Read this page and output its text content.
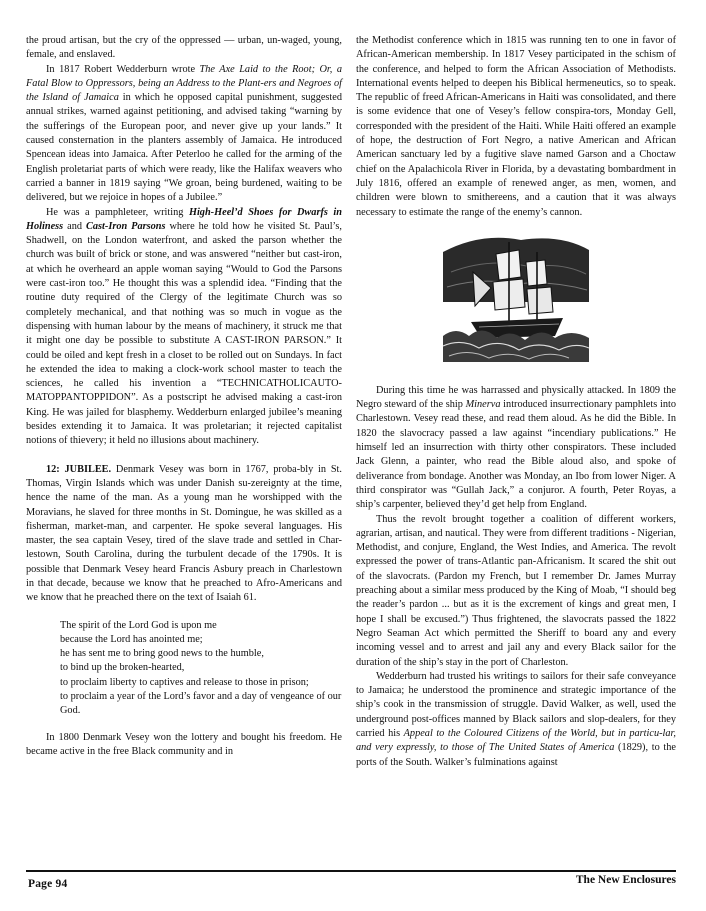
the proud artisan, but the cry of the oppressed — urban, un-waged, young, female, and enslaved.

In 1817 Robert Wedderburn wrote The Axe Laid to the Root; Or, a Fatal Blow to Oppressors, being an Address to the Plant-ers and Negroes of the Island of Jamaica in which he opposed capital punishment, suggested annual strikes, warned against petitioning, and advised taking “warning by the sufferings of the European poor, and never give up your lands.” It caused consternation in the planters assembly of Jamaica. He introduced Spencean ideas into Jamaica. After Peterloo he called for the arming of the English proletariat parts of which were ready, like the Halifax weavers who carried a banner in 1819 saying “We groan, being burdened, waiting to be delivered, but we rejoice in hopes of a Jubilee.”

He was a pamphleteer, writing High-Heel’d Shoes for Dwarfs in Holiness and Cast-Iron Parsons where he told how he visited St. Paul’s, Shadwell, on the London waterfront, and asked the parson whether the church was built of brick or stone, and was answered “neither but cast-iron, at which he overheard an apple woman saying “Would to God the Parsons were cast-iron too.” He thought this was a splendid idea. “Finding that the routine duty required of the Clergy of the legitimate Church was so completely mechanical, and that nothing was so much in vogue as the dispensing with human labour by the means of machinery, it struck me that it might one day be possible to substitute A CAST-IRON PARSON.” It could be oiled and kept fresh in a closet to be rolled out on Sundays. In fact he extended the idea to making a clock-work school master to teach the sciences, he called his invention a “TECHNICATHOLICAUTO-MATOPPANTOPPIDON”. As a postscript he advised making a cast-iron King. He was jailed for blasphemy. Wedderburn enlarged jubilee’s meaning besides extending it to Jamaica. It was proletarian; it rejected capitalist notions of thievery; it held no illusions about machinery.

12: JUBILEE. Denmark Vesey was born in 1767, proba-bly in St. Thomas, Virgin Islands which was under Danish su-zereignty at the time, hence the name of the man. As a young man he worshipped with the Moravians, he slaved for three months in St. Domingue, he was skilled as a fisherman, market-man, and carpenter. He spoke several languages. His master, the sea captain Vesey, tired of the slave trade and settled in Char-lestown, South Carolina, during the turbulent decade of the 1790s. It is possible that Denmark Vesey heard Francis Asbury preach in Charlestown in that decade, because we know that he preached to Afro-Americans and we know that he preached there on the text of Isaiah 61.

The spirit of the Lord God is upon me
because the Lord has anointed me;
he has sent me to bring good news to the humble,
to bind up the broken-hearted,
to proclaim liberty to captives and release to those in prison;
to proclaim a year of the Lord’s favor and a day of vengeance of our God.

In 1800 Denmark Vesey won the lottery and bought his freedom. He became active in the free Black community and in

the Methodist conference which in 1815 was running ten to one in favor of African-American membership. In 1817 Vesey participated in the schism of the conference, and helped to form the African Association of Methodists. International events helped to deepen his Biblical hermeneutics, so to speak. The republic of freed African-Americans in Haiti was consolidated, and there is some evidence that one of Vesey’s fellow conspira-tors, Monday Gell, corresponded with the president of the Haiti. While Haiti offered an example of hope, the destruction of Fort Negro, a native American and African American sanctuary led by a fugitive slave named Garson and a Choctaw chief on the Apalachicola River in Florida, by a devastating bombardment in July 1816, offered an example of renewed anger, as men, women, and children were blown to smithereens, and a caution that it was always necessary to estimate the range of the enemy’s cannon.

During this time he was harrassed and physically attacked. In 1809 the Negro steward of the ship Minerva introduced insurrectionary pamphlets into Charlestown. Vesey read these, and read them aloud. As he did the Bible. In 1820 the slavocracy passed a law against “incendiary publications.” He himself led an insurrection with thirty other conspirators. These included Jack Glenn, a painter, who read the Bible aloud also, and spoke of deliverance from bondage. Another was Monday, an Ibo from lower Niger. A third conspirator was “Gullah Jack,” a conjuror. A fourth, Peter Royas, a ship’s carpenter, believed they’d get help from England.

Thus the revolt brought together a coalition of different workers, agrarian, artisan, and nautical. They were from different traditions - Nigerian, Methodist, and conjure, England, the West Indies, and America. The revolt expressed the power of trans-Atlantic pan-Africanism. It scared the shit out of the slavocrats. (Pardon my French, but I remember Dr. James Murray preaching about a similar mess produced by the King of Moab, “I should beg the reader’s pardon ... but as it is the excrement of kings and great men, I hope I shall be excused.”) Thus frightened, the slavocrats passed the 1822 Negro Seaman Act which permitted the Sheriff to board any and every incoming vessel and to arrest and jail any and every Black sailor for the duration of the ship’s stay in the port of Charleston.

Wedderburn had trusted his writings to sailors for their safe conveyance to Jamaica; he understood the prominence and strategic importance of the ship’s cook in the transmission of struggle. David Walker, as well, used the underground post-offices manned by Black sailors and slop-dealers, for they carried his Appeal to the Coloured Citizens of the World, but in particu-lar, and very expressly, to those of The United States of America (1829), to the ports of the South. Walker’s fulminations against

Page 94	The New Enclosures
